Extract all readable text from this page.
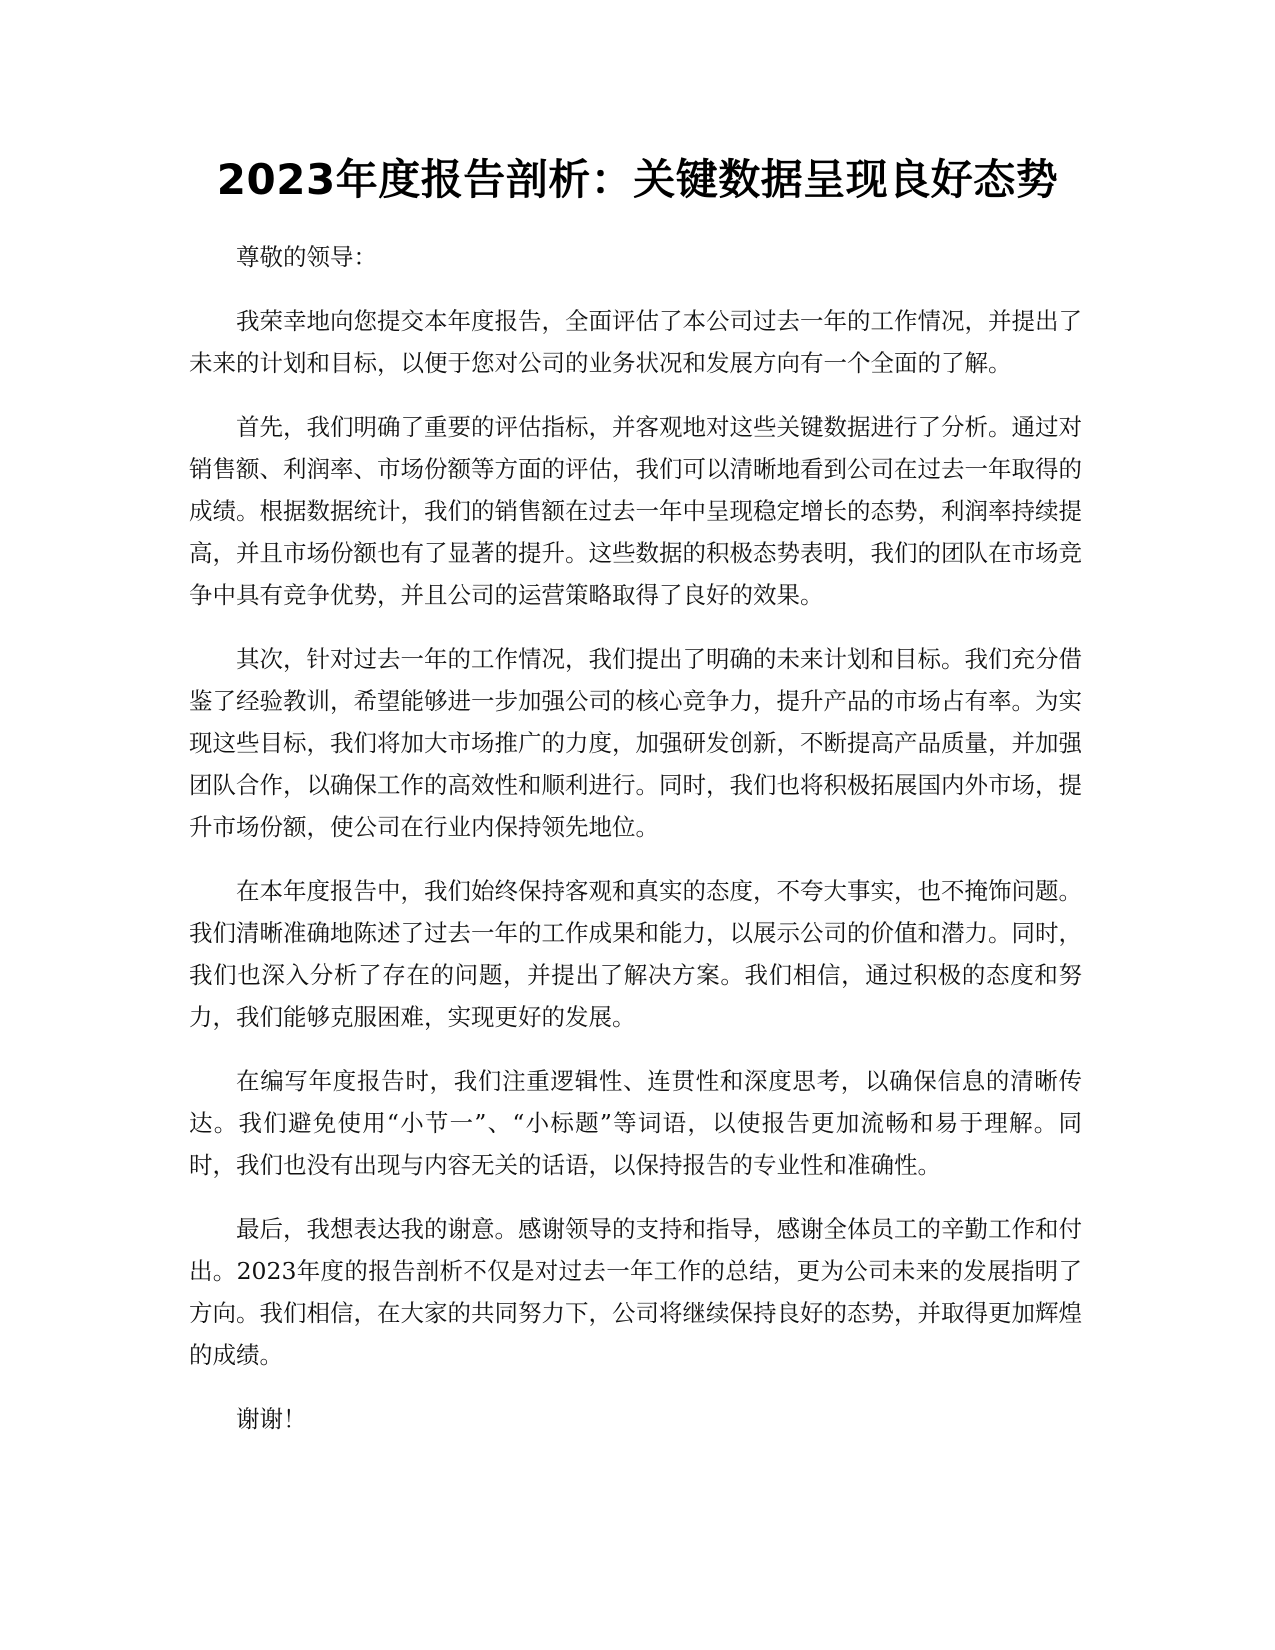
2023年度报告剖析：关键数据呈现良好态势

尊敬的领导：

我荣幸地向您提交本年度报告，全面评估了本公司过去一年的工作情况，并提出了未来的计划和目标，以便于您对公司的业务状况和发展方向有一个全面的了解。

首先，我们明确了重要的评估指标，并客观地对这些关键数据进行了分析。通过对销售额、利润率、市场份额等方面的评估，我们可以清晰地看到公司在过去一年取得的成绩。根据数据统计，我们的销售额在过去一年中呈现稳定增长的态势，利润率持续提高，并且市场份额也有了显著的提升。这些数据的积极态势表明，我们的团队在市场竞争中具有竞争优势，并且公司的运营策略取得了良好的效果。

其次，针对过去一年的工作情况，我们提出了明确的未来计划和目标。我们充分借鉴了经验教训，希望能够进一步加强公司的核心竞争力，提升产品的市场占有率。为实现这些目标，我们将加大市场推广的力度，加强研发创新，不断提高产品质量，并加强团队合作，以确保工作的高效性和顺利进行。同时，我们也将积极拓展国内外市场，提升市场份额，使公司在行业内保持领先地位。

在本年度报告中，我们始终保持客观和真实的态度，不夸大事实，也不掩饰问题。我们清晰准确地陈述了过去一年的工作成果和能力，以展示公司的价值和潜力。同时，我们也深入分析了存在的问题，并提出了解决方案。我们相信，通过积极的态度和努力，我们能够克服困难，实现更好的发展。

在编写年度报告时，我们注重逻辑性、连贯性和深度思考，以确保信息的清晰传达。我们避免使用“小节一”、“小标题”等词语，以使报告更加流畅和易于理解。同时，我们也没有出现与内容无关的话语，以保持报告的专业性和准确性。

最后，我想表达我的谢意。感谢领导的支持和指导，感谢全体员工的辛勤工作和付出。2023年度的报告剖析不仅是对过去一年工作的总结，更为公司未来的发展指明了方向。我们相信，在大家的共同努力下，公司将继续保持良好的态势，并取得更加辉煌的成绩。

谢谢！
